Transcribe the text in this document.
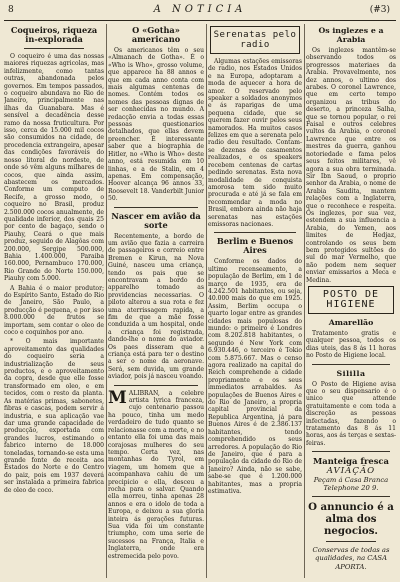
8	A NOTICIA	(#3)
Coqueiros, riqueza in-explorada

O coqueiro é uma das nossas maiores riquezas agricolas, mas infelizmente, como tantas outras, abandonada pelos governos. Em tempos passados, o coqueiro abundava no Rio de Janeiro, principalmente nas ilhas da Guanabara. Mas é sensível a decadência desse ramo da nossa fruticultura. Por isso, cerca de 15.000 mil cocos são consumidos na cidade, de procedencia extrangeira, apesar das condições favoráveis do nosso litoral do nordeste, de onde só vêm alguns milhares de cocos, que ainda assim, abastecem os mercados. Conforme um computo de Recife, a grosso modo, o coqueiro no Brasil, produz 2.500.000 cocos anualmente, de qualidade inferior, dos quais 25 por cento de bagaço, sendo o Piauhy, Ceará o que mais produz, seguido de Alagôas com 200.000, Sergipe 500.000, Bahia 1.400.000, Paraiba 160.000, Pernambuco 170.000, Rio Grande do Norte 150.000, Piauhy com 5.000.

A Bahia é o maior produtor; do Espírito Santo, Estado do Rio de Janeiro, São Paulo, a producção é pequena, e por isso 8.000.000 de frutos se importam, sem contar o oleo de coco e coquinhos por ano.

* O mais importante aproveitamento das qualidades do coqueiro seria a industrialização de seus productos, e o aproveitamento da copra, desde que elle fosse transformado em oleo, e em tecidos, com o resto da planta. As matérias primas, sabonetes, fibras e cascas, podem servir á industria, e sua aplicação vae dar uma grande capacidade de producção, exportada com grandes lucros, estimando o fabrico interno de 18.000 toneladas, tornando-se esta uma grande fonte de receita aos Estados do Norte e do Centro do paiz, pois em 1937 deverá ser instalada a primeira fabrica de oleo de coco.

O «Gotha» americano

Os americanos têm o seu «Almanach de Gotha». É o «Who is Who», grosso volume, que apparece ha 88 annos e que em cada anno conta com mais algumas centenas de nomes. Contém todos os nomes das pessoas dignas de ser conhecidas no mundo. A redacção envia a todas essas pessoas questionarios detalhados, que ellas devem preencher. É interessante saber que a biographia de Hitler, no «Who is Who» deste anno, está resumida em 10 linhas, e a de Stalin, em 4 apenas. Em compensação, Hoover alcança 96 annos 33, Roosevelt 18. Vanderbilt Junior 50.

Nascer em avião da sorte

Recentemente, a bordo de um avião que fazia a carreira de passageiros e correio entre Bremen e Kirun, na Nova Guiné, nasceu uma criança, tendo os pais que se encontravam a bordo do apparelho tomado as providencias necessarias. O piloto alterou a sua rota e fez uma aterrissagem rapida, a fim de que a mãe fosse conduzida a um hospital, onde a criança foi registrada, dando-lhe o nome do aviador. Os paes disseram que a criança está para ter o destino a ser o nome da aeronave. Será, sem duvida, um grande aviador, pois já nasceu voando.

MALIBRAN, a celebre artista lyrica franceza, cujo centenario passou ha pouco, tinha um medo verdadeiro de tudo quanto se relacionasse com a morte, e no entanto ella foi uma das mais corajosas mulheres do seu tempo. Certa vez, nas montanhas do Tyrol, em viagem, um homem que a acompanhava cahiu de um precipicio e ella, desceu a rocha para o salvar. Quando ella morreu, tinha apenas 28 annos e era o idolo de toda a Europa, e deixou a sua gloria inteira ás gerações futuras. Sua vida foi um constante triumpho, com uma serie de sucessos na França, Italia e Inglaterra, onde era estremecida pelo povo.

Serenatas pelo radio

Algumas estações emissoras de radio, nos Estados Unidos e na Europa, adoptaram a moda de aquecer a hora de amor. O reservado pelo speaker a soldados anonymos e ás raparigas de uma pequena cidade, que se querem fazer ouvir pelos seus namorados. Ha muitos casos felizes em que a serenata pelo radio deu resultado. Contam-se dezenas de casamentos realizados, e os speakers recebem centenas de cartas pedindo serenatas. Esta nova modalidade de conquista amorosa tem sido muito procurada e até já se fala em recommendar a moda no Brasil, embora ainda não haja serenatas nas estações emissoras nacionaes.

Berlim e Buenos Aires

Conforme os dados do ultimo recenseamento, a população de Berlim, em 1 de março de 1935, era de 4.242.501 habitantes, ou seja, 40.000 mais do que em 1925. Assim, Berlim occupa o quarto logar entre as grandes cidades mais populosas do mundo: o primeiro é Londres com 8.202.818 habitantes, o segundo é New York com 6.930.446, o terceiro é Tokio com 5.875.667. Mas o censo agora realizado na capital do Reich comprehende a cidade propriamente e os seus immediatos arrabaldes. As populações de Buenos Aires e do Rio de Janeiro, a propria capital provincial da Republica Argentina, já para Buenos Aires é de 2.386.137 habitantes, tendo comprehendido os seus arredores. A população do Rio de Janeiro, que é para a população da cidade do Rio de Janeiro? Ainda, não se sabe, sabe-se que é 1.200.000 habitantes, mas a propria estimativa.

Os inglezes e a Arabia

Os inglezes mantêm-se observando todos os progressos materiaes da Arabia. Provavelmente, nos dez annos, o ultimo dos arabes. O coronel Lawrence, que em certo tempo organizou as tribus do deserto, a princeza Salha, que se tornou popular, o rei Faisal e outros celebres vultos da Arabia, o coronel Lawrence que entre os mestres da guerra, ganhou notoriedade e fama pelos seus feitos militares, vê agora a sua obra terminada. Sir Ibn Saoud, o proprio senhor da Arabia, o nome de Arabia Saudita, mantem relações com a Inglaterra, que o reconhece e respeita. Os inglezes, por sua vez, estendem a sua influencia a Arabia, do Yemen, aos limites de Hedjaz, controlando os seus bem bem protegidos sultões do sul do mar Vermelho, que não podem nem sequer enviar emissarios a Meca e Medina.

POSTO DE HIGIENE
Amarellão

Tratamento gratis e qualquer pessoa, todos os dias uteis, das 8 ás 11 horas no Posto de Higiene local.

Sililla

O Posto de Higiene avisa que o seu dispensario é o unico que attende gratuitamente e com toda a discreção as pessoas infectadas, fazendo o tratamento das 8 ás 11 horas, aos ás terças e sextas-feiras.

Manteiga fresca
AVIAÇÃO
Peçam á Casa Branca Telephone 20 9.
O annuncio é a alma dos negocios.
Conservas de todas as qualidades, na CASA APORTA.
